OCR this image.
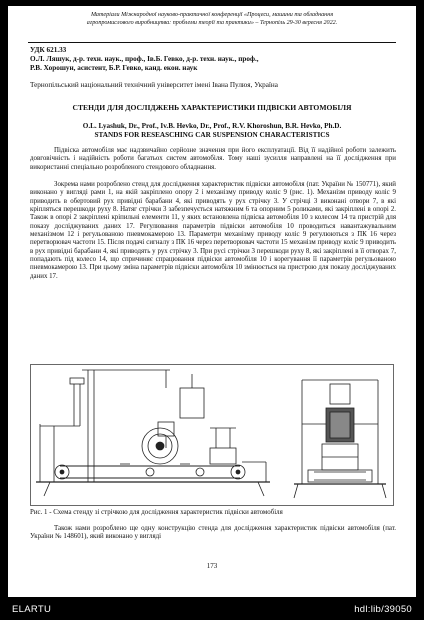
Матеріали Міжнародної науково-практичної конференції «Процеси, машини та обладнання
агропромислового виробництва: проблеми теорії та практики» – Тернопіль 29-30 вересня 2022.
УДК 621.33
О.Л. Ляшук, д-р. техн. наук., проф., Ів.Б. Гевко, д-р. техн. наук., проф.,
Р.В. Хорошун, асистент, Б.Р. Гевко, канд. екон. наук
Тернопільський національний технічний університет імені Івана Пулюя, Україна
СТЕНДИ ДЛЯ ДОСЛІДЖЕНЬ ХАРАКТЕРИСТИКИ ПІДВІСКИ АВТОМОБІЛЯ
O.L. Lyashuk, Dr., Prof., Iv.B. Hevko, Dr., Prof., R.V. Khoroshun, B.R. Hevko, Ph.D.
STANDS FOR RESEASCHING CAR SUSPENSION CHARACTERISTICS

Підвіска автомобіля має надзвичайно серйозне значення при його експлуатації. Від її надійної роботи залежить довговічність і надійність роботи багатьох систем автомобіля. Тому наші зусилля направлені на її дослідження при використанні спеціально розробленого стендового обладнання.

Зокрема нами розроблено стенд для дослідження характеристик підвіски автомобіля (пат. України № 150771), який виконано у вигляді рами 1, на якій закріплено опору 2 і механізму приводу коліс 9 (рис. 1). Механізм приводу коліс 9 приводить в обертовий рух привідні барабани 4, які приводять у рух стрічку 3. У стрічці 3 виконані отвори 7, в які кріпляться перешкоди руху 8. Натяг стрічки 3 забезпечується натяжним 6 та опорним 5 роликами, які закріплені в опорі 2. Також в опорі 2 закріплені кріпильні елементи 11, у яких встановлена підвіска автомобіля 10 з колесом 14 та пристрій для показу досліджуваних даних 17. Регулювання параметрів підвіски автомобіля 10 проводиться навантажувальним механізмом 12 і регульованою пневмокамерою 13. Параметри механізму приводу коліс 9 регулюються з ПК 16 через перетворювач частоти 15. Після подачі сигналу з ПК 16 через перетворювач частоти 15 механізм приводу коліс 9 приводить в рух привідні барабани 4, які приводять у рух стрічку 3. При русі стрічки 3 перешкоди руху 8, які закріплені в її отворах 7, попадають під колесо 14, що спричиняє спрацювання підвіски автомобіля 10 і корегування її параметрів регульованою пневмокамерою 13. При цьому зміна параметрів підвіски автомобіля 10 змінюється на пристрою для показу досліджуваних даних 17.

Рис. 1 - Схема стенду зі стрічкою для дослідження характеристик підвіски автомобіля

Також нами розроблено ще одну конструкцію стенда для дослідження характеристик підвіски автомобіля (пат. України № 148601), який виконано у вигляді

173
ELARTU	hdl:lib/39050
